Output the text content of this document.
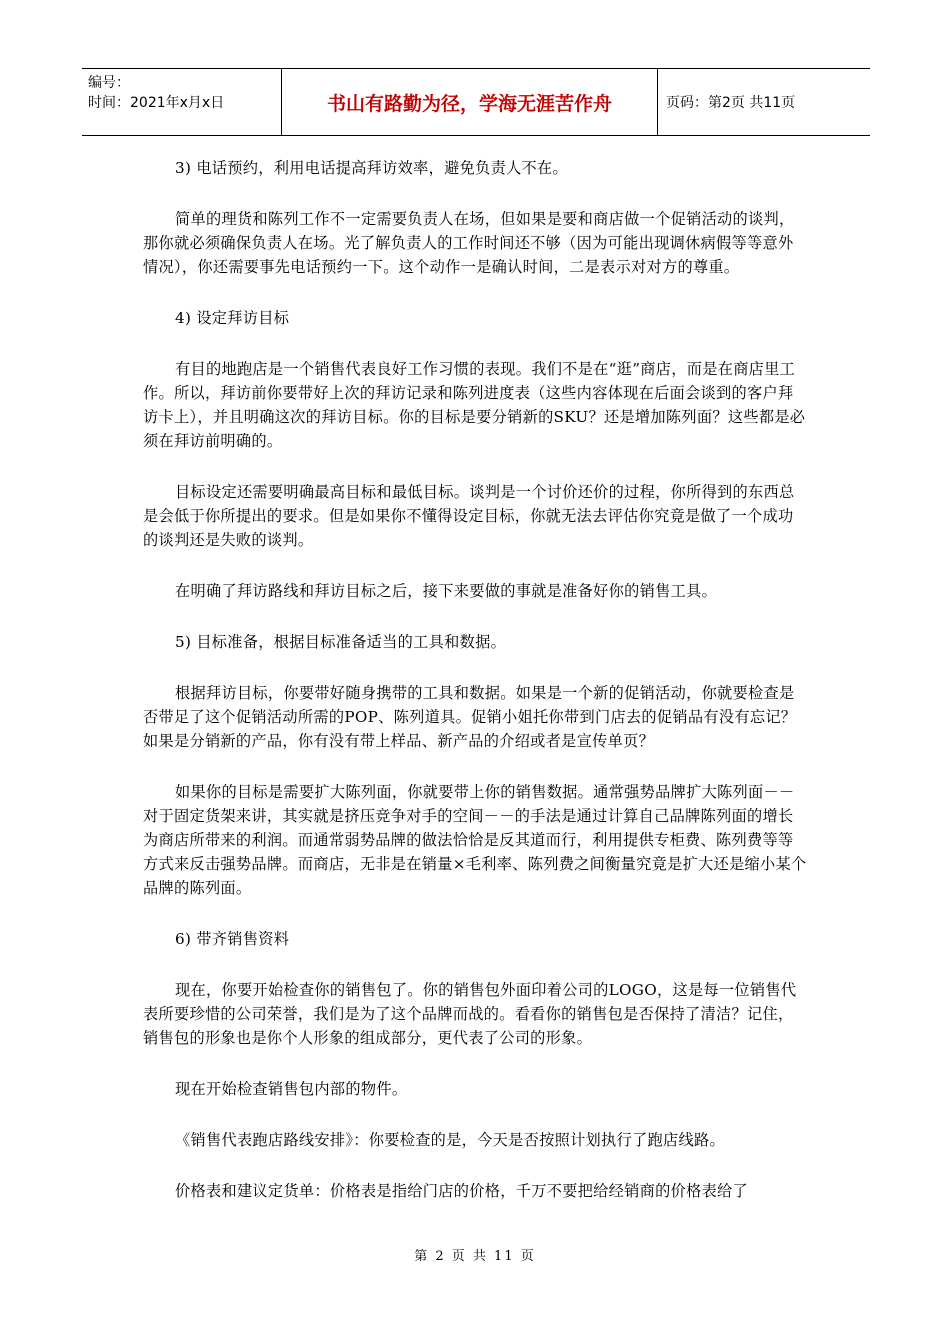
编号：
时间：2021年x月x日	书山有路勤为径，学海无涯苦作舟	页码：第2页 共11页

3) 电话预约，利用电话提高拜访效率，避免负责人不在。

简单的理货和陈列工作不一定需要负责人在场，但如果是要和商店做一个促销活动的谈判，那你就必须确保负责人在场。光了解负责人的工作时间还不够（因为可能出现调休病假等等意外情况），你还需要事先电话预约一下。这个动作一是确认时间，二是表示对对方的尊重。

4) 设定拜访目标

有目的地跑店是一个销售代表良好工作习惯的表现。我们不是在“逛”商店，而是在商店里工作。所以，拜访前你要带好上次的拜访记录和陈列进度表（这些内容体现在后面会谈到的客户拜访卡上），并且明确这次的拜访目标。你的目标是要分销新的SKU？还是增加陈列面？这些都是必须在拜访前明确的。

目标设定还需要明确最高目标和最低目标。谈判是一个讨价还价的过程，你所得到的东西总是会低于你所提出的要求。但是如果你不懂得设定目标，你就无法去评估你究竟是做了一个成功的谈判还是失败的谈判。

在明确了拜访路线和拜访目标之后，接下来要做的事就是准备好你的销售工具。

5) 目标准备，根据目标准备适当的工具和数据。

根据拜访目标，你要带好随身携带的工具和数据。如果是一个新的促销活动，你就要检查是否带足了这个促销活动所需的POP、陈列道具。促销小姐托你带到门店去的促销品有没有忘记？如果是分销新的产品，你有没有带上样品、新产品的介绍或者是宣传单页？

如果你的目标是需要扩大陈列面，你就要带上你的销售数据。通常强势品牌扩大陈列面－－对于固定货架来讲，其实就是挤压竞争对手的空间－－的手法是通过计算自己品牌陈列面的增长为商店所带来的利润。而通常弱势品牌的做法恰恰是反其道而行，利用提供专柜费、陈列费等等方式来反击强势品牌。而商店，无非是在销量×毛利率、陈列费之间衡量究竟是扩大还是缩小某个品牌的陈列面。

6) 带齐销售资料

现在，你要开始检查你的销售包了。你的销售包外面印着公司的LOGO，这是每一位销售代表所要珍惜的公司荣誉，我们是为了这个品牌而战的。看看你的销售包是否保持了清洁？记住，销售包的形象也是你个人形象的组成部分，更代表了公司的形象。

现在开始检查销售包内部的物件。

《销售代表跑店路线安排》：你要检查的是，今天是否按照计划执行了跑店线路。

价格表和建议定货单：价格表是指给门店的价格，千万不要把给经销商的价格表给了

第 2 页 共 11 页
